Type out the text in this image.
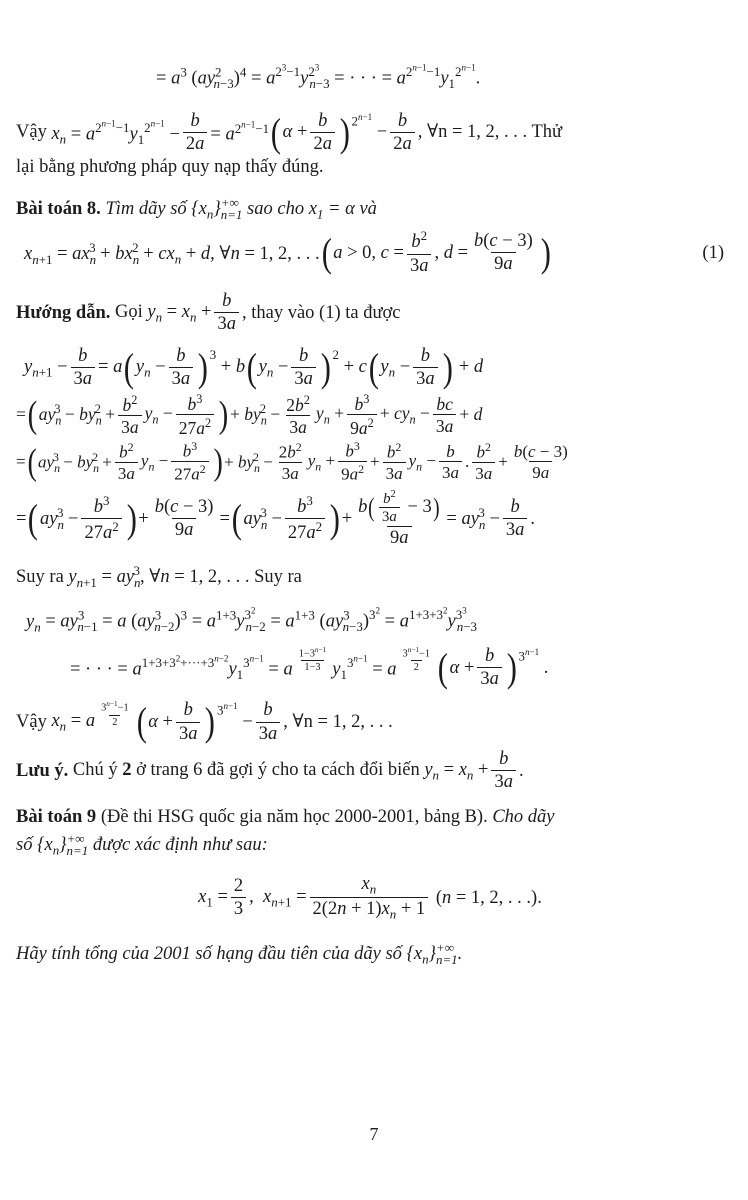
= $a^3$ $(ay^2_{n-3})^4 = a^{2^3-1}y^{2^3}_{n-3}$ = · · · = $a^{2^{n-1}-1}y_1^{2^{n-1}}$.
Vậy
$x_n = a^{2^{n-1}-1}y_1^{2^{n-1}} - \frac{b}{2a} = a^{2^{n-1}-1}$ ( $\alpha + \frac{b}{2a} )^{2^{n-1}}$
− $\frac{b}{2a}$ , ∀n = 1, 2, . . . Thử

lại bằng phương pháp quy nạp thấy đúng.

Bài toán 8. Tìm dãy số $\{x_n\}^{+\infty}_{n=1}$ sao cho $x_1 = \alpha$ và

$x_{n+1} = ax_n^3 + bx_n^2 + cx_n + d$, ∀n = 1, 2, . . . ( a > 0, $c = \frac{b^2}{3a}$ , $d = \frac{b(c - 3)}{9a}$ )	(1)
Hướng dẫn.
Gọi $y_n = x_n + \frac{b}{3a}$ , thay vào (1) ta được
$y_{n+1} - \frac{b}{3a} = a$ ( $y_n - \frac{b}{3a} )^3$
+ b ( $y_n - \frac{b}{3a} )^2$
+ c ( $y_n - \frac{b}{3a}$ ) + d
= ( $ay_n^3 - by_n^2 + \frac{b^2}{3a} y_n - \frac{b^3}{27a^2}$ ) + $by_n^2 - \frac{2b^2}{3a} y_n + \frac{b^3}{9a^2} + cy_n - \frac{bc}{3a} + d$
= ( $ay_n^3 - by_n^2 + \frac{b^2}{3a} y_n - \frac{b^3}{27a^2}$ ) + $by_n^2 - \frac{2b^2}{3a} y_n + \frac{b^3}{9a^2} + \frac{b^2}{3a} y_n - \frac{b}{3a}$ . $\frac{b^2}{3a} + \frac{b(c - 3)}{9a}$
= ( $ay_n^3 - \frac{b^3}{27a^2}$ ) + $\frac{b(c - 3)}{9a}$ = ( $ay_n^3 - \frac{b^3}{27a^2}$ ) + $\frac{b( \frac{b^2}{3a} - 3)}{9a} = ay_n^3 - \frac{b}{3a}$ .

Suy ra $y_{n+1} = ay_n^3$, ∀n = 1, 2, . . . Suy ra

$y_n = ay^3_{n-1} = a$ $(ay^3_{n-2})^3 = a^{1+3}y^{3^2}_{n-2} = a^{1+3}$ $(ay^3_{n-3})^{3^2} = a^{1+3+3^2}y^{3^3}_{n-3}$
= · · · = $a^{1+3+3^2+\cdot\cdot\cdot+3^{n-2}}y_1^{3^{n-1}} = a$ $^{\frac{1-3^{n-1}}{1-3}}$ $y_1^{3^{n-1}} = a$ $^{\frac{3^{n-1}-1}{2}}$ ( $\alpha + \frac{b}{3a} )^{3^{n-1}}$
.
Vậy
$x_n = a$ $^{\frac{3^{n-1}-1}{2}}$ ( $\alpha + \frac{b}{3a} )^{3^{n-1}}$
− $\frac{b}{3a}$ , ∀n = 1, 2, . . .
Lưu ý.
Chú ý 2 ở trang 6 đã gợi ý cho ta cách đổi biến $y_n = x_n + \frac{b}{3a}$ .

Bài toán 9 (Đề thi HSG quốc gia năm học 2000-2001, bảng B). Cho dãy
số $\{x_n\}^{+\infty}_{n=1}$ được xác định như sau:

$x_1 = \frac{2}{3}$ ,  $x_{n+1} = \frac{x_n}{2(2n + 1)x_n + 1} (n = 1$, 2, . . .).

Hãy tính tổng của 2001 số hạng đầu tiên của dãy số $\{x_n\}^{+\infty}_{n=1}$.

7
